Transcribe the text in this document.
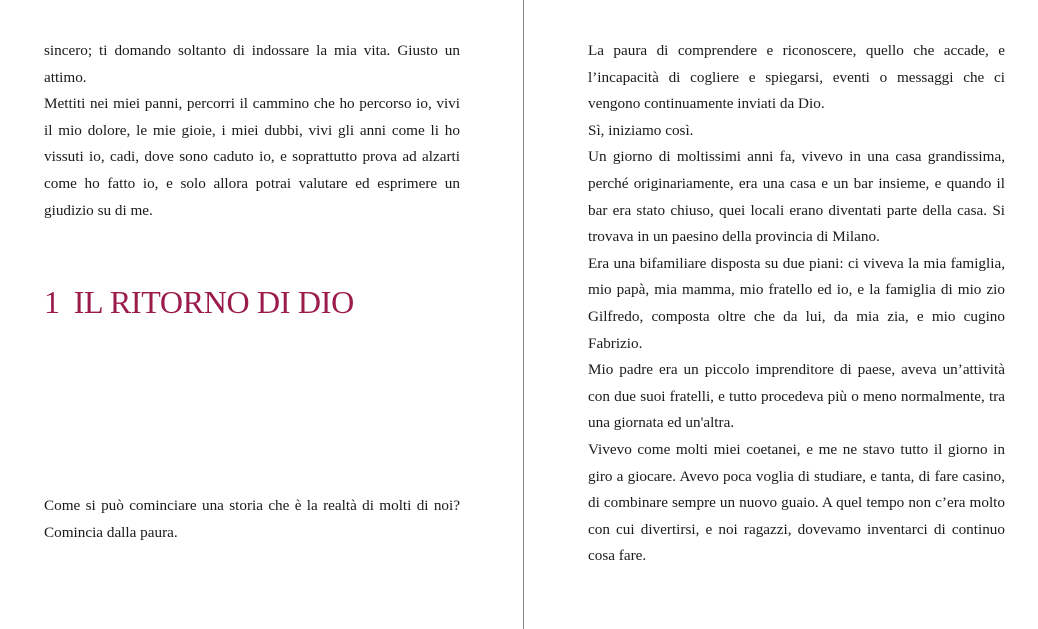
sincero; ti domando soltanto di indossare la mia vita. Giusto un attimo.

Mettiti nei miei panni, percorri il cammino che ho percorso io, vivi il mio dolore, le mie gioie, i miei dubbi, vivi gli anni come li ho vissuti io, cadi, dove sono caduto io, e soprattutto prova ad alzarti come ho fatto io, e solo allora potrai valutare ed esprimere un giudizio su di me.

1 IL RITORNO DI DIO

Come si può cominciare una storia che è la realtà di molti di noi? Comincia dalla paura.

La paura di comprendere e riconoscere, quello che accade, e l’incapacità di cogliere e spiegarsi, eventi o messaggi che ci vengono continuamente inviati da Dio.

Sì, iniziamo così.

Un giorno di moltissimi anni fa, vivevo in una casa grandissima, perché originariamente, era una casa e un bar insieme, e quando il bar era stato chiuso, quei locali erano diventati parte della casa. Si trovava in un paesino della provincia di Milano.

Era una bifamiliare disposta su due piani: ci viveva la mia famiglia, mio papà, mia mamma, mio fratello ed io, e la famiglia di mio zio Gilfredo, composta oltre che da lui, da mia zia, e mio cugino Fabrizio.

Mio padre era un piccolo imprenditore di paese, aveva un’attività con due suoi fratelli, e tutto procedeva più o meno normalmente, tra una giornata ed un'altra.

Vivevo come molti miei coetanei, e me ne stavo tutto il giorno in giro a giocare. Avevo poca voglia di studiare, e tanta, di fare casino, di combinare sempre un nuovo guaio. A quel tempo non c’era molto con cui divertirsi, e noi ragazzi, dovevamo inventarci di continuo cosa fare.
